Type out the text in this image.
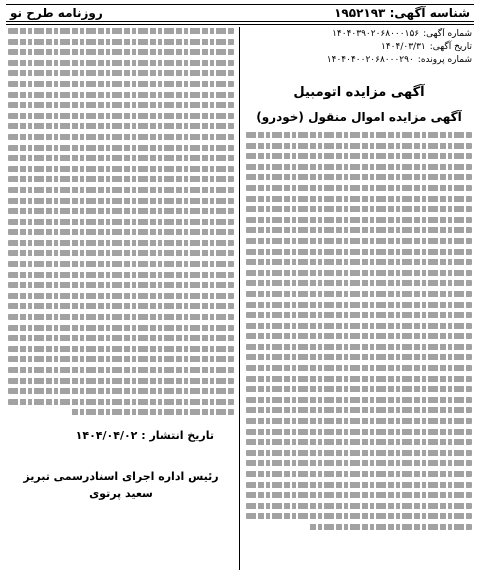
شناسه آگهی: ۱۹۵۲۱۹۳
روزنامه طرح نو
شماره آگهی:
۱۴۰۴۰۳۹۰۲۰۶۸۰۰۰۱۵۶
تاریخ آگهی:
۱۴۰۴/۰۳/۳۱
شماره پرونده:
۱۴۰۴۰۴۰۰۲۰۶۸۰۰۰۲۹۰
آگهی مزایده اتومبیل
آگهی مزایده اموال منقول (خودرو)
تاریخ انتشار : ۱۴۰۴/۰۴/۰۲
رئیس اداره اجرای اسنادرسمی تبریز
سعید پرتوی
